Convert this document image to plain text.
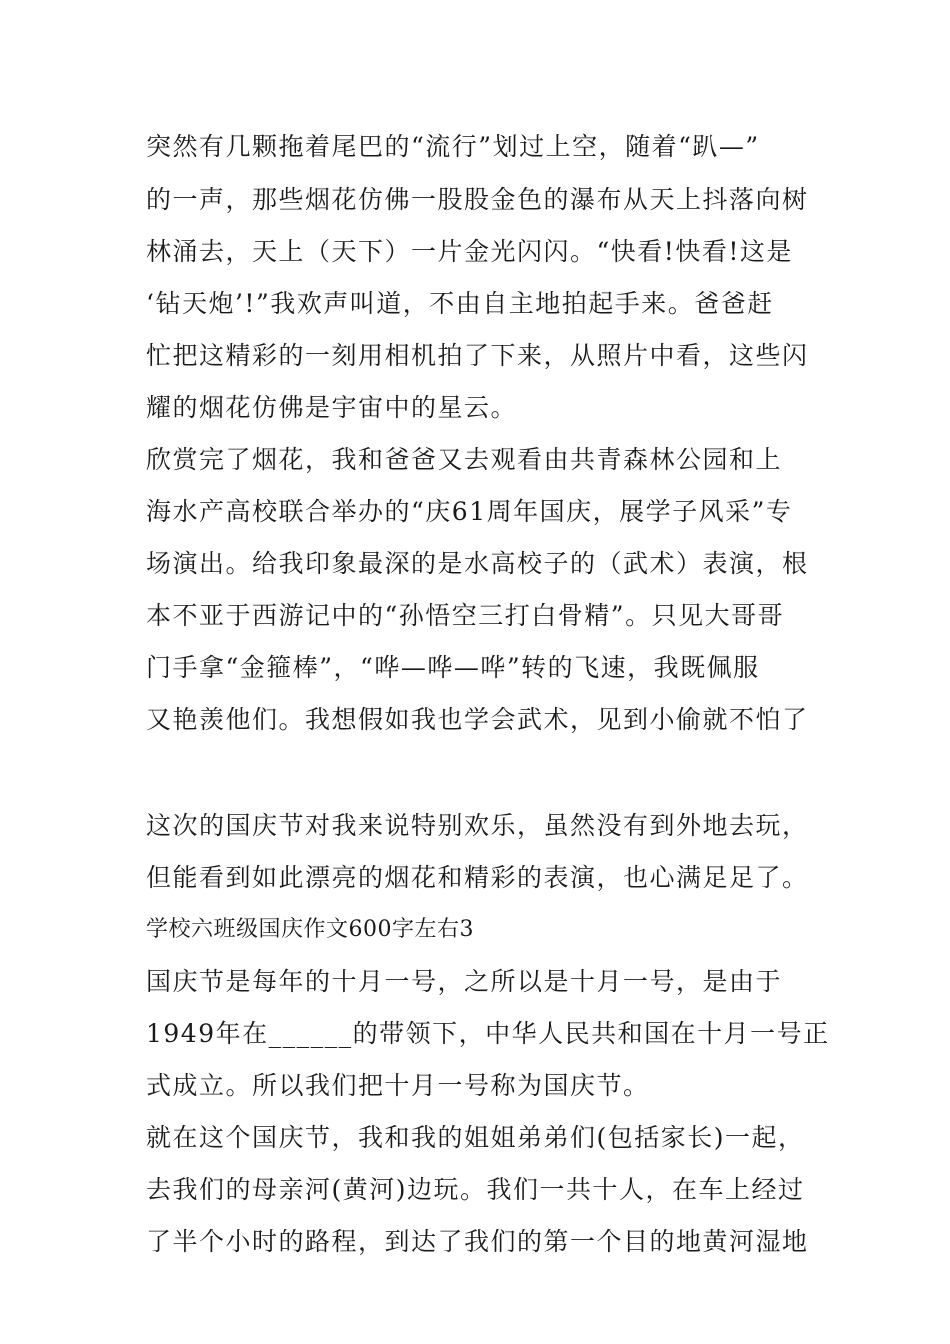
突然有几颗拖着尾巴的“流行”划过上空，随着“趴—”
的一声，那些烟花仿佛一股股金色的瀑布从天上抖落向树
林涌去，天上（天下）一片金光闪闪。“快看!快看!这是
‘钻天炮’!”我欢声叫道，不由自主地拍起手来。爸爸赶
忙把这精彩的一刻用相机拍了下来，从照片中看，这些闪
耀的烟花仿佛是宇宙中的星云。
欣赏完了烟花，我和爸爸又去观看由共青森林公园和上
海水产高校联合举办的“庆61周年国庆，展学子风采”专
场演出。给我印象最深的是水高校子的（武术）表演，根
本不亚于西游记中的“孙悟空三打白骨精”。只见大哥哥
门手拿“金箍棒”，“哗—哗—哗”转的飞速，我既佩服
又艳羡他们。我想假如我也学会武术，见到小偷就不怕了
这次的国庆节对我来说特别欢乐，虽然没有到外地去玩，
但能看到如此漂亮的烟花和精彩的表演，也心满足足了。
学校六班级国庆作文600字左右3
国庆节是每年的十月一号，之所以是十月一号，是由于
1949年在______的带领下，中华人民共和国在十月一号正
式成立。所以我们把十月一号称为国庆节。
就在这个国庆节，我和我的姐姐弟弟们(包括家长)一起，
去我们的母亲河(黄河)边玩。我们一共十人，在车上经过
了半个小时的路程，到达了我们的第一个目的地黄河湿地
